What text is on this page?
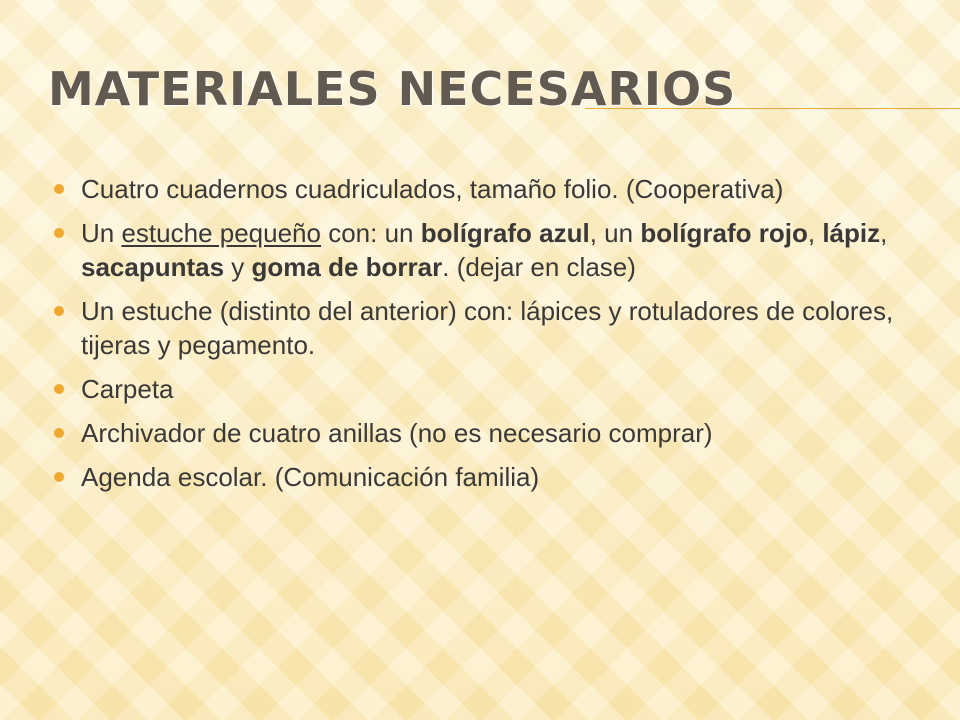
MATERIALES NECESARIOS
Cuatro cuadernos cuadriculados, tamaño folio. (Cooperativa)
Un estuche pequeño con: un bolígrafo azul, un bolígrafo rojo, lápiz, sacapuntas y goma de borrar. (dejar en clase)
Un estuche (distinto del anterior) con: lápices y rotuladores de colores, tijeras y pegamento.
Carpeta
Archivador de cuatro anillas (no es necesario comprar)
Agenda escolar. (Comunicación familia)
